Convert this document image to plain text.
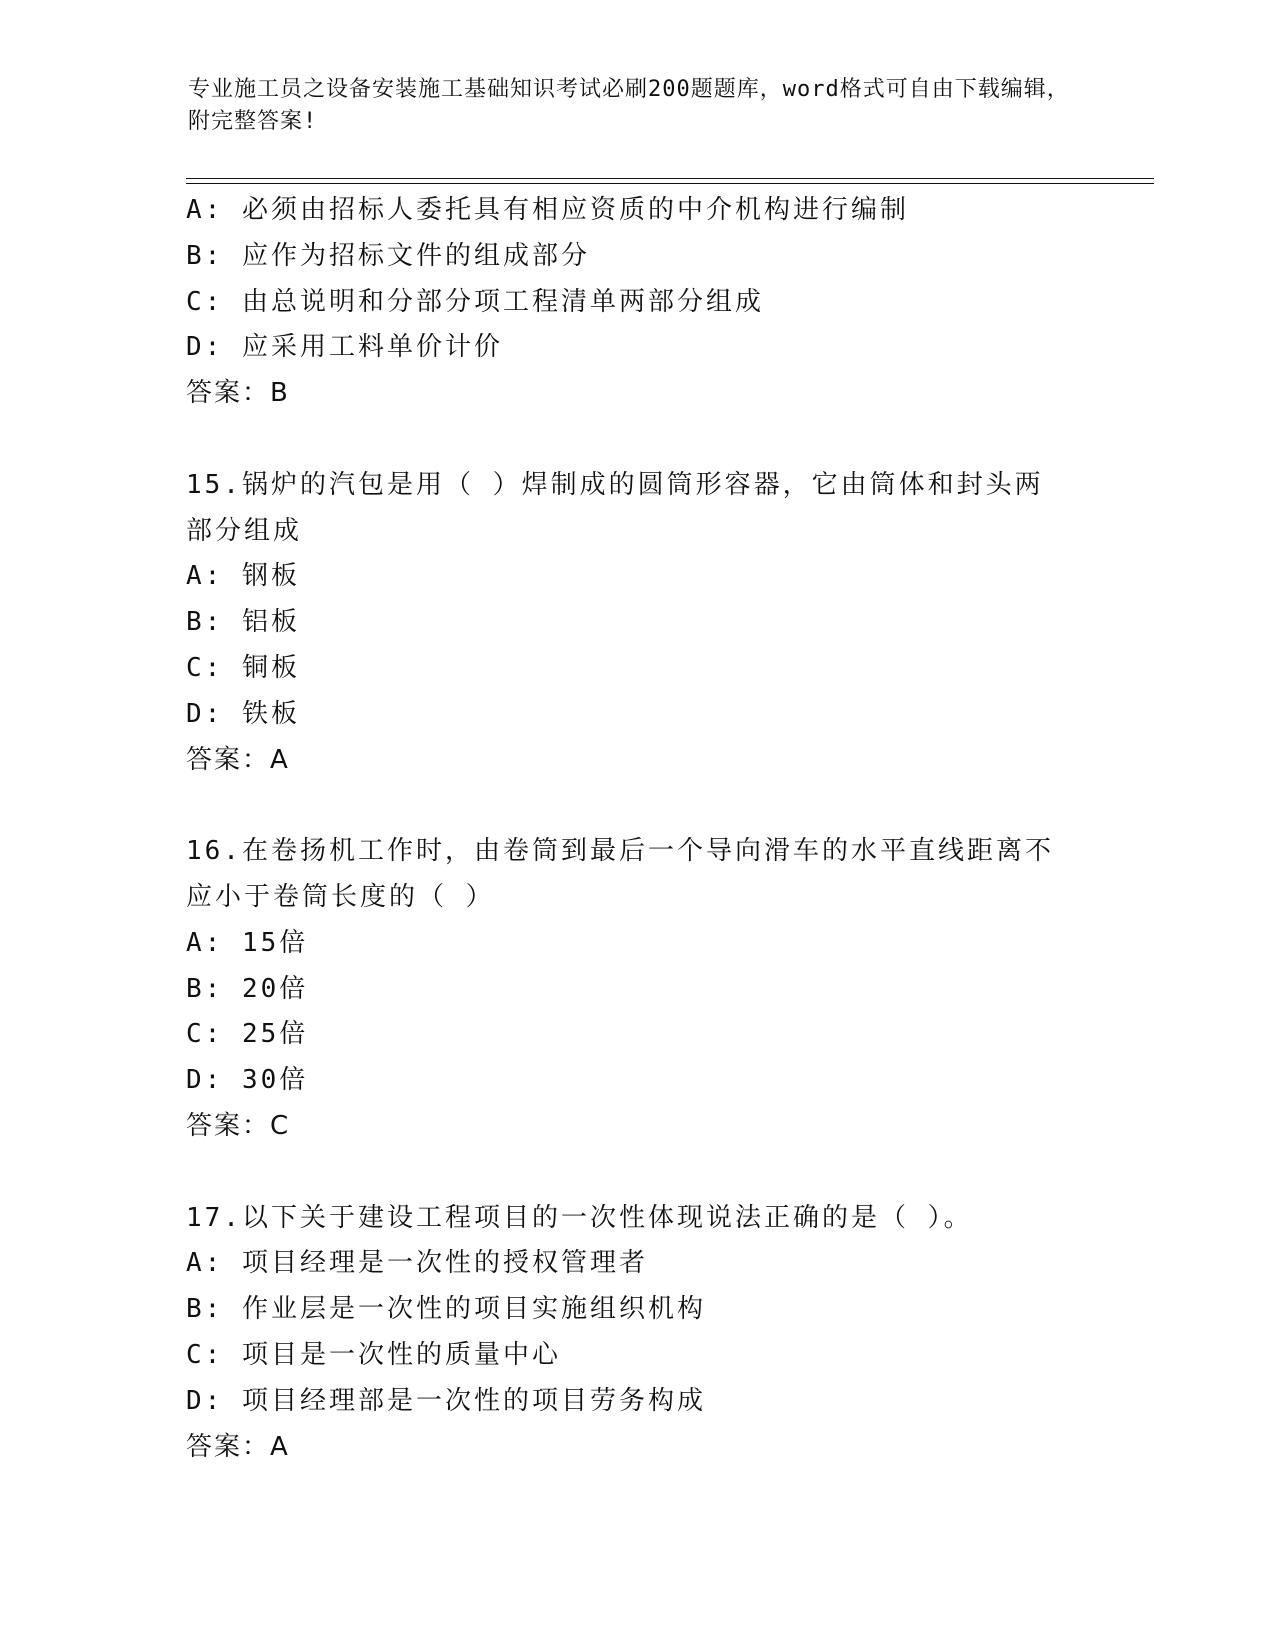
专业施工员之设备安装施工基础知识考试必刷200题题库，word格式可自由下载编辑，附完整答案!
A: 必须由招标人委托具有相应资质的中介机构进行编制
B: 应作为招标文件的组成部分
C: 由总说明和分部分项工程清单两部分组成
D: 应采用工料单价计价
答案：B
15.锅炉的汽包是用（ ）焊制成的圆筒形容器，它由筒体和封头两部分组成
A: 钢板
B: 铝板
C: 铜板
D: 铁板
答案：A
16.在卷扬机工作时，由卷筒到最后一个导向滑车的水平直线距离不应小于卷筒长度的（ ）
A: 15倍
B: 20倍
C: 25倍
D: 30倍
答案：C
17.以下关于建设工程项目的一次性体现说法正确的是（ ）。
A: 项目经理是一次性的授权管理者
B: 作业层是一次性的项目实施组织机构
C: 项目是一次性的质量中心
D: 项目经理部是一次性的项目劳务构成
答案：A
